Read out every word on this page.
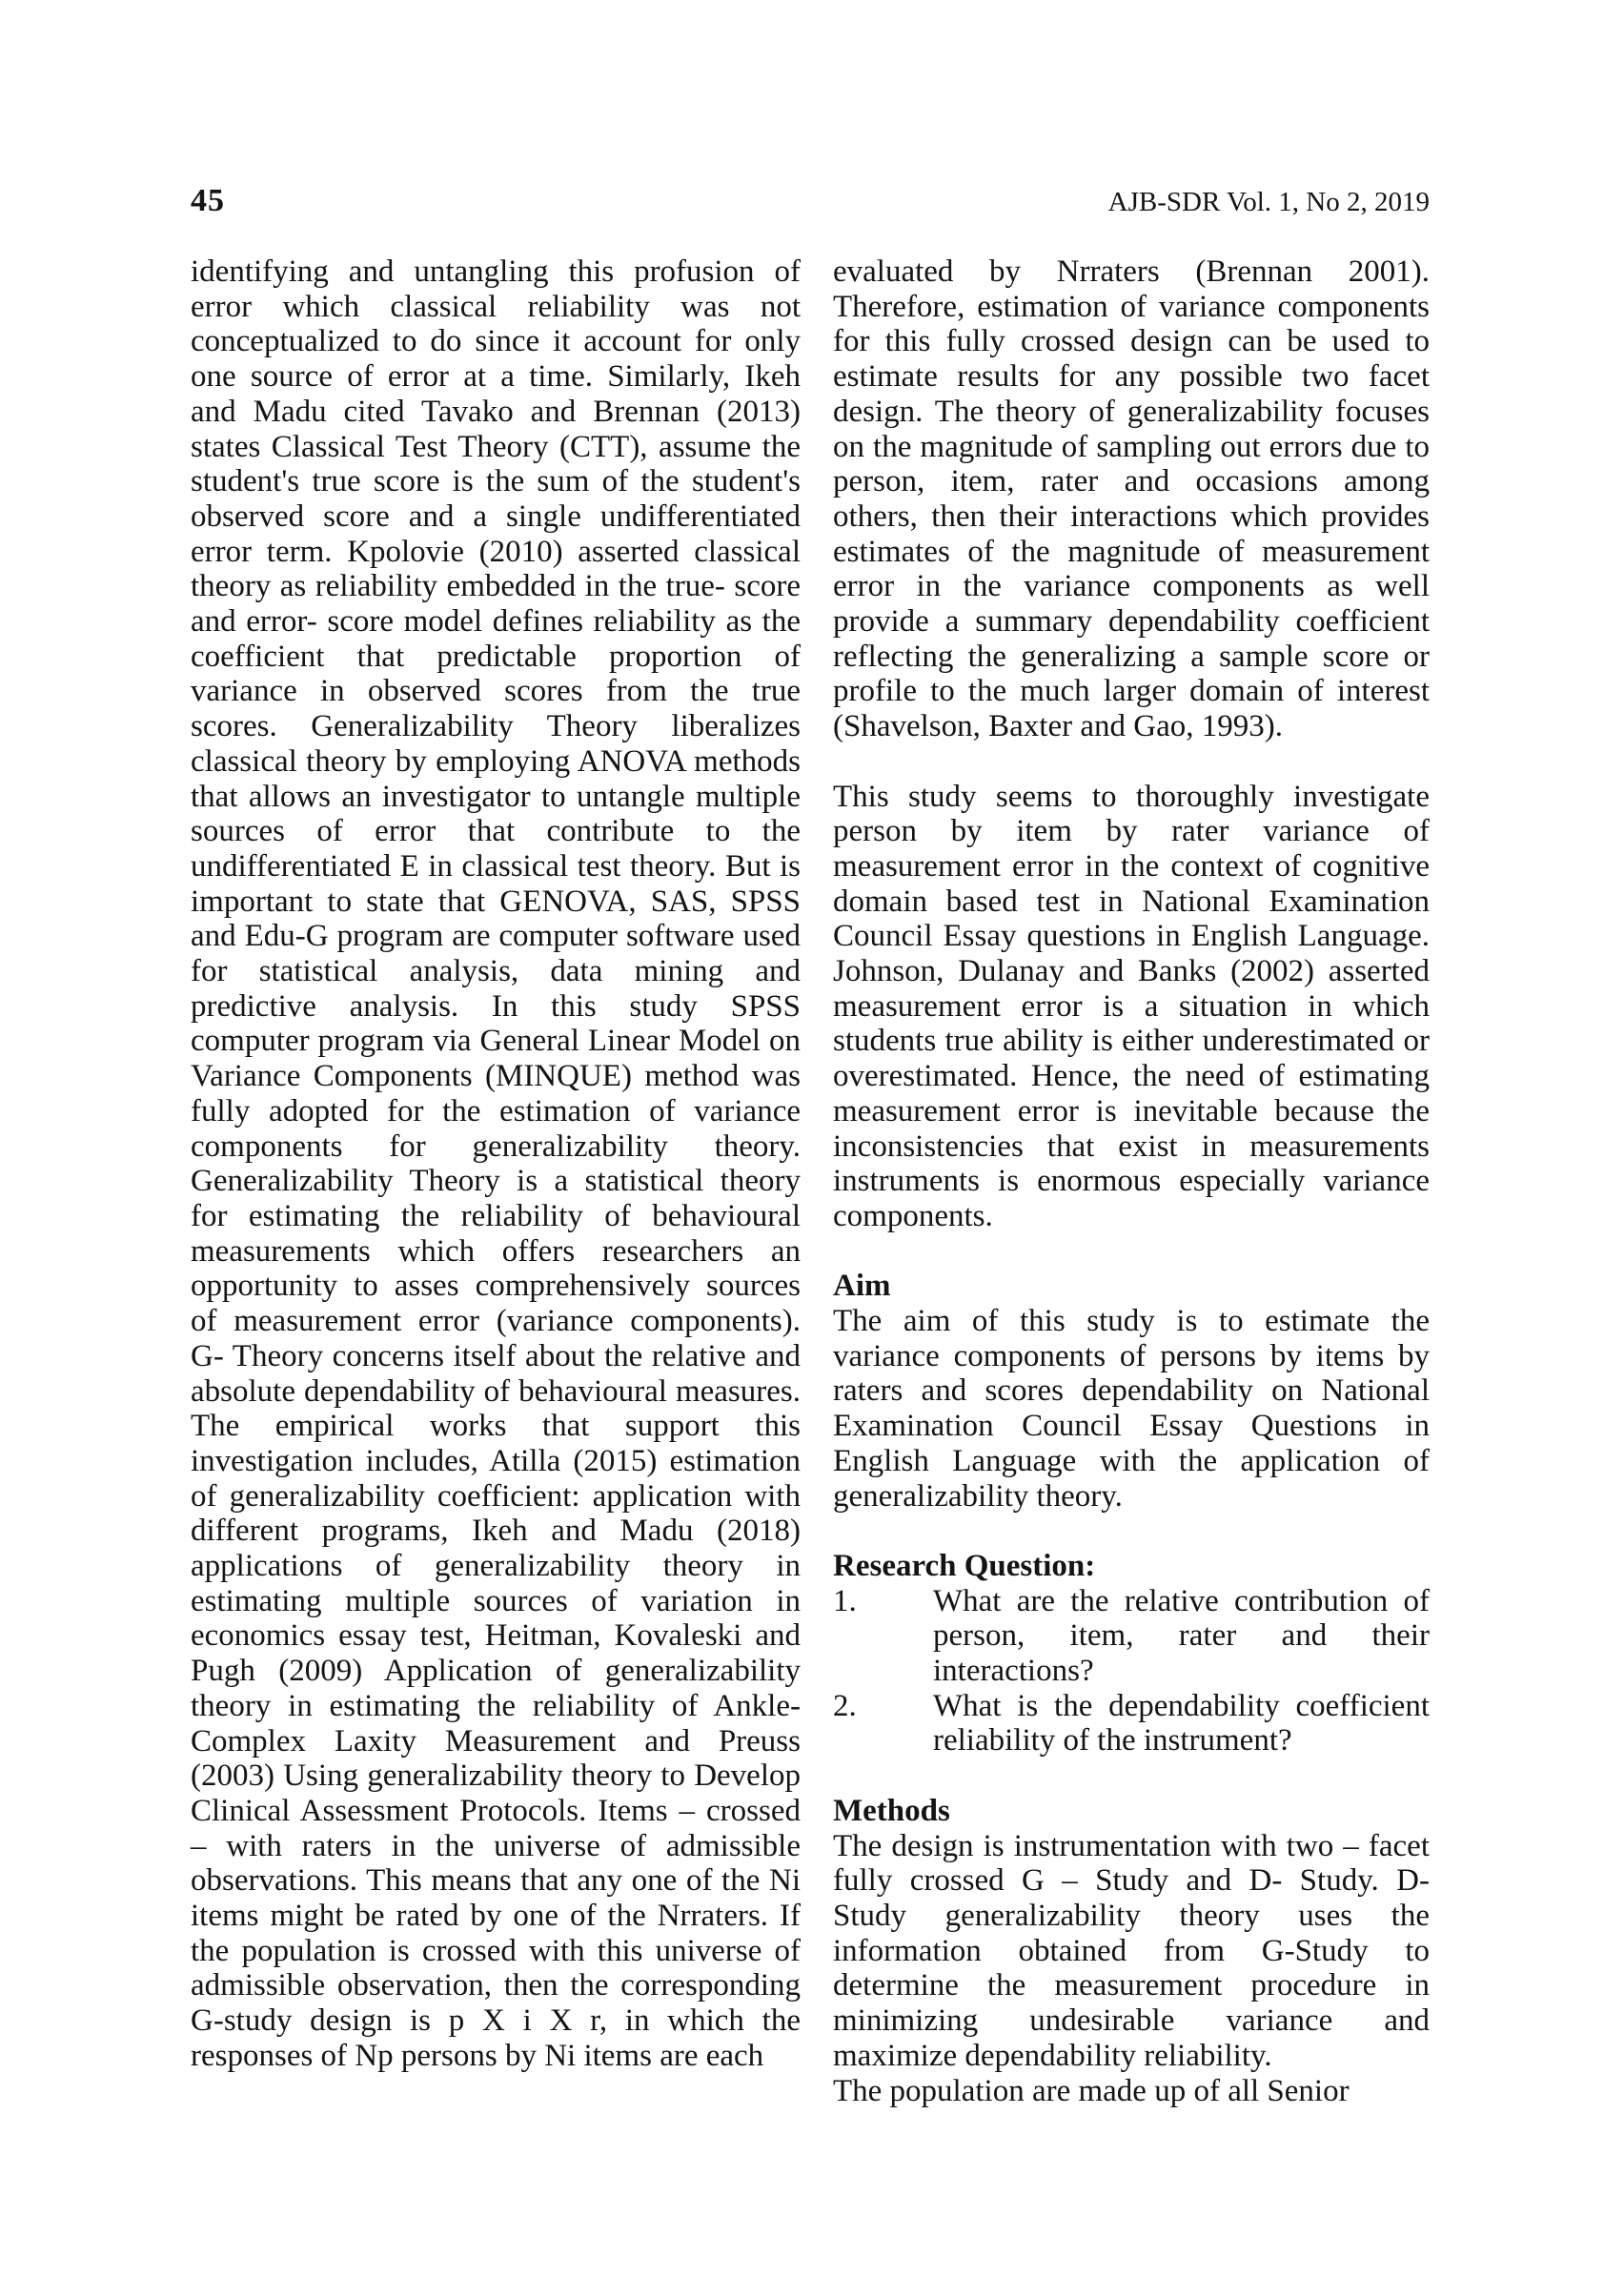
45	AJB-SDR Vol. 1, No 2, 2019

identifying and untangling this profusion of error which classical reliability was not conceptualized to do since it account for only one source of error at a time. Similarly, Ikeh and Madu cited Tavako and Brennan (2013) states Classical Test Theory (CTT), assume the student's true score is the sum of the student's observed score and a single undifferentiated error term. Kpolovie (2010) asserted classical theory as reliability embedded in the true- score and error- score model defines reliability as the coefficient that predictable proportion of variance in observed scores from the true scores. Generalizability Theory liberalizes classical theory by employing ANOVA methods that allows an investigator to untangle multiple sources of error that contribute to the undifferentiated E in classical test theory. But is important to state that GENOVA, SAS, SPSS and Edu-G program are computer software used for statistical analysis, data mining and predictive analysis. In this study SPSS computer program via General Linear Model on Variance Components (MINQUE) method was fully adopted for the estimation of variance components for generalizability theory. Generalizability Theory is a statistical theory for estimating the reliability of behavioural measurements which offers researchers an opportunity to asses comprehensively sources of measurement error (variance components). G- Theory concerns itself about the relative and absolute dependability of behavioural measures. The empirical works that support this investigation includes, Atilla (2015) estimation of generalizability coefficient: application with different programs, Ikeh and Madu (2018) applications of generalizability theory in estimating multiple sources of variation in economics essay test, Heitman, Kovaleski and Pugh (2009) Application of generalizability theory in estimating the reliability of Ankle-Complex Laxity Measurement and Preuss (2003) Using generalizability theory to Develop Clinical Assessment Protocols. Items – crossed – with raters in the universe of admissible observations. This means that any one of the Ni items might be rated by one of the Nrraters. If the population is crossed with this universe of admissible observation, then the corresponding G-study design is p X i X r, in which the responses of Np persons by Ni items are each

evaluated by Nrraters (Brennan 2001). Therefore, estimation of variance components for this fully crossed design can be used to estimate results for any possible two facet design. The theory of generalizability focuses on the magnitude of sampling out errors due to person, item, rater and occasions among others, then their interactions which provides estimates of the magnitude of measurement error in the variance components as well provide a summary dependability coefficient reflecting the generalizing a sample score or profile to the much larger domain of interest (Shavelson, Baxter and Gao, 1993).

This study seems to thoroughly investigate person by item by rater variance of measurement error in the context of cognitive domain based test in National Examination Council Essay questions in English Language. Johnson, Dulanay and Banks (2002) asserted measurement error is a situation in which students true ability is either underestimated or overestimated. Hence, the need of estimating measurement error is inevitable because the inconsistencies that exist in measurements instruments is enormous especially variance components.

Aim

The aim of this study is to estimate the variance components of persons by items by raters and scores dependability on National Examination Council Essay Questions in English Language with the application of generalizability theory.

Research Question:
1.	What are the relative contribution of person, item, rater and their interactions?
2.	What is the dependability coefficient reliability of the instrument?
Methods

The design is instrumentation with two – facet fully crossed G – Study and D- Study. D- Study generalizability theory uses the information obtained from G-Study to determine the measurement procedure in minimizing undesirable variance and maximize dependability reliability.

The population are made up of all Senior
